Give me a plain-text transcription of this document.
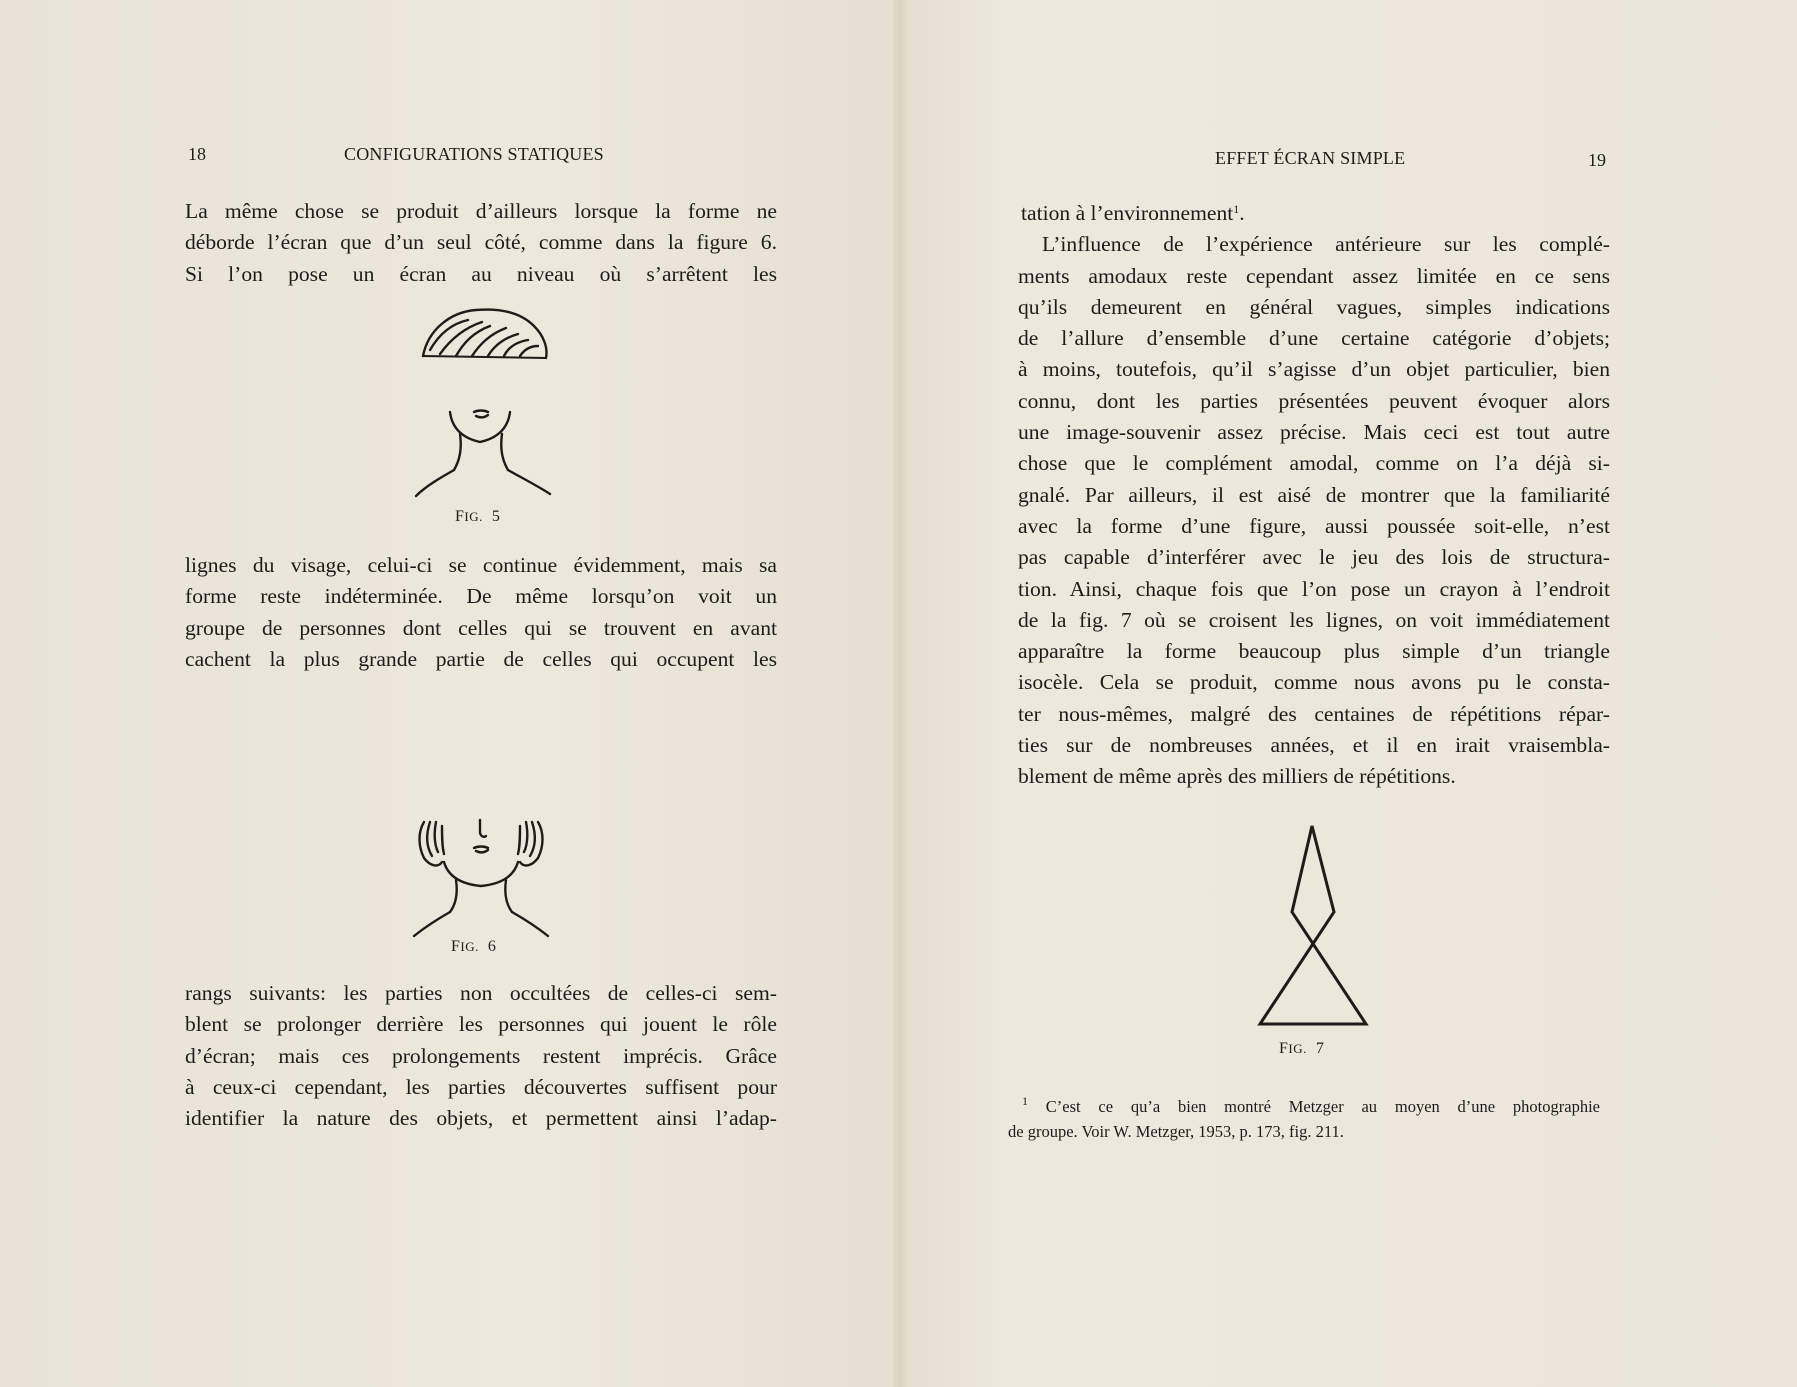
18	CONFIGURATIONS STATIQUES
La même chose se produit d’ailleurs lorsque la forme ne
déborde l’écran que d’un seul côté, comme dans la figure 6.
Si l’on pose un écran au niveau où s’arrêtent les
FIG.  5
lignes du visage, celui-ci se continue évidemment, mais sa
forme reste indéterminée. De même lorsqu’on voit un
groupe de personnes dont celles qui se trouvent en avant
cachent la plus grande partie de celles qui occupent les
FIG.  6
rangs suivants: les parties non occultées de celles-ci sem-
blent se prolonger derrière les personnes qui jouent le rôle
d’écran; mais ces prolongements restent imprécis. Grâce
à ceux-ci cependant, les parties découvertes suffisent pour
identifier la nature des objets, et permettent ainsi l’adap-
EFFET ÉCRAN SIMPLE	19
tation à l’environnement$^1$.
L’influence de l’expérience antérieure sur les complé-
ments amodaux reste cependant assez limitée en ce sens
qu’ils demeurent en général vagues, simples indications
de l’allure d’ensemble d’une certaine catégorie d’objets;
à moins, toutefois, qu’il s’agisse d’un objet particulier, bien
connu, dont les parties présentées peuvent évoquer alors
une image-souvenir assez précise. Mais ceci est tout autre
chose que le complément amodal, comme on l’a déjà si-
gnalé. Par ailleurs, il est aisé de montrer que la familiarité
avec la forme d’une figure, aussi poussée soit-elle, n’est
pas capable d’interférer avec le jeu des lois de structura-
tion. Ainsi, chaque fois que l’on pose un crayon à l’endroit
de la fig. 7 où se croisent les lignes, on voit immédiatement
apparaître la forme beaucoup plus simple d’un triangle
isocèle. Cela se produit, comme nous avons pu le consta-
ter nous-mêmes, malgré des centaines de répétitions répar-
ties sur de nombreuses années, et il en irait vraisembla-
blement de même après des milliers de répétitions.
FIG.  7
$^1$ C’est ce qu’a bien montré Metzger au moyen d’une photographie
de groupe. Voir W. Metzger, 1953, p. 173, fig. 211.
